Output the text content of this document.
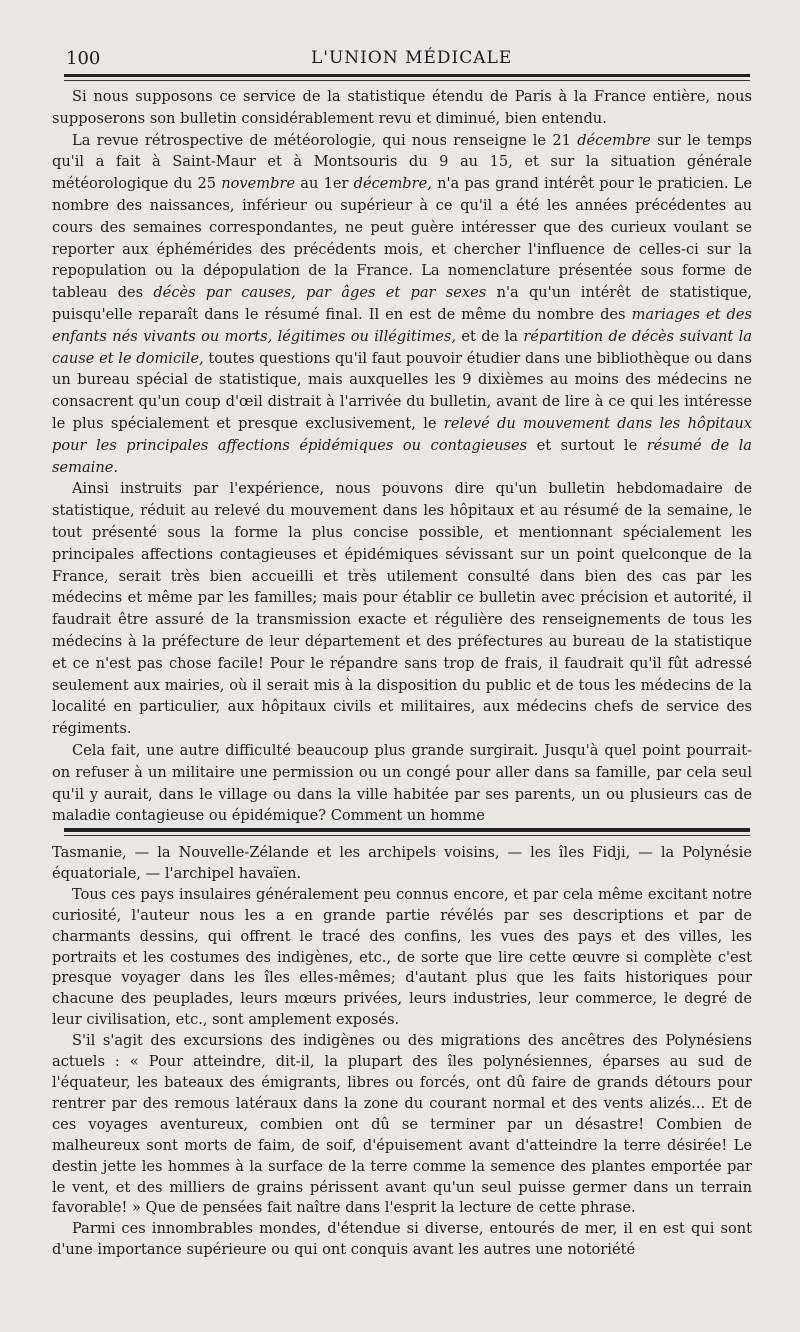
100	L'UNION MÉDICALE

Si nous supposons ce service de la statistique étendu de Paris à la France entière, nous supposerons son bulletin considérablement revu et diminué, bien entendu.

La revue rétrospective de météorologie, qui nous renseigne le 21 décembre sur le temps qu'il a fait à Saint-Maur et à Montsouris du 9 au 15, et sur la situation générale météorologique du 25 novembre au 1er décembre, n'a pas grand intérêt pour le praticien. Le nombre des naissances, inférieur ou supérieur à ce qu'il a été les années précédentes au cours des semaines correspondantes, ne peut guère intéresser que des curieux voulant se reporter aux éphémérides des précédents mois, et chercher l'influence de celles-ci sur la repopulation ou la dépopulation de la France. La nomenclature présentée sous forme de tableau des décès par causes, par âges et par sexes n'a qu'un intérêt de statistique, puisqu'elle reparaît dans le résumé final. Il en est de même du nombre des mariages et des enfants nés vivants ou morts, légitimes ou illégitimes, et de la répartition de décès suivant la cause et le domicile, toutes questions qu'il faut pouvoir étudier dans une bibliothèque ou dans un bureau spécial de statistique, mais auxquelles les 9 dixièmes au moins des médecins ne consacrent qu'un coup d'œil distrait à l'arrivée du bulletin, avant de lire à ce qui les intéresse le plus spécialement et presque exclusivement, le relevé du mouvement dans les hôpitaux pour les principales affections épidémiques ou contagieuses et surtout le résumé de la semaine.

Ainsi instruits par l'expérience, nous pouvons dire qu'un bulletin hebdomadaire de statistique, réduit au relevé du mouvement dans les hôpitaux et au résumé de la semaine, le tout présenté sous la forme la plus concise possible, et mentionnant spécialement les principales affections contagieuses et épidémiques sévissant sur un point quelconque de la France, serait très bien accueilli et très utilement consulté dans bien des cas par les médecins et même par les familles; mais pour établir ce bulletin avec précision et autorité, il faudrait être assuré de la transmission exacte et régulière des renseignements de tous les médecins à la préfecture de leur département et des préfectures au bureau de la statistique et ce n'est pas chose facile! Pour le répandre sans trop de frais, il faudrait qu'il fût adressé seulement aux mairies, où il serait mis à la disposition du public et de tous les médecins de la localité en particulier, aux hôpitaux civils et militaires, aux médecins chefs de service des régiments.

Cela fait, une autre difficulté beaucoup plus grande surgirait. Jusqu'à quel point pourrait-on refuser à un militaire une permission ou un congé pour aller dans sa famille, par cela seul qu'il y aurait, dans le village ou dans la ville habitée par ses parents, un ou plusieurs cas de maladie contagieuse ou épidémique? Comment un homme

Tasmanie, — la Nouvelle-Zélande et les archipels voisins, — les îles Fidji, — la Polynésie équatoriale, — l'archipel havaïen.

Tous ces pays insulaires généralement peu connus encore, et par cela même excitant notre curiosité, l'auteur nous les a en grande partie révélés par ses descriptions et par de charmants dessins, qui offrent le tracé des confins, les vues des pays et des villes, les portraits et les costumes des indigènes, etc., de sorte que lire cette œuvre si complète c'est presque voyager dans les îles elles-mêmes; d'autant plus que les faits historiques pour chacune des peuplades, leurs mœurs privées, leurs industries, leur commerce, le degré de leur civilisation, etc., sont amplement exposés.

S'il s'agit des excursions des indigènes ou des migrations des ancêtres des Polynésiens actuels : « Pour atteindre, dit-il, la plupart des îles polynésiennes, éparses au sud de l'équateur, les bateaux des émigrants, libres ou forcés, ont dû faire de grands détours pour rentrer par des remous latéraux dans la zone du courant normal et des vents alizés... Et de ces voyages aventureux, combien ont dû se terminer par un désastre! Combien de malheureux sont morts de faim, de soif, d'épuisement avant d'atteindre la terre désirée! Le destin jette les hommes à la surface de la terre comme la semence des plantes emportée par le vent, et des milliers de grains périssent avant qu'un seul puisse germer dans un terrain favorable! » Que de pensées fait naître dans l'esprit la lecture de cette phrase.

Parmi ces innombrables mondes, d'étendue si diverse, entourés de mer, il en est qui sont d'une importance supérieure ou qui ont conquis avant les autres une notoriété
